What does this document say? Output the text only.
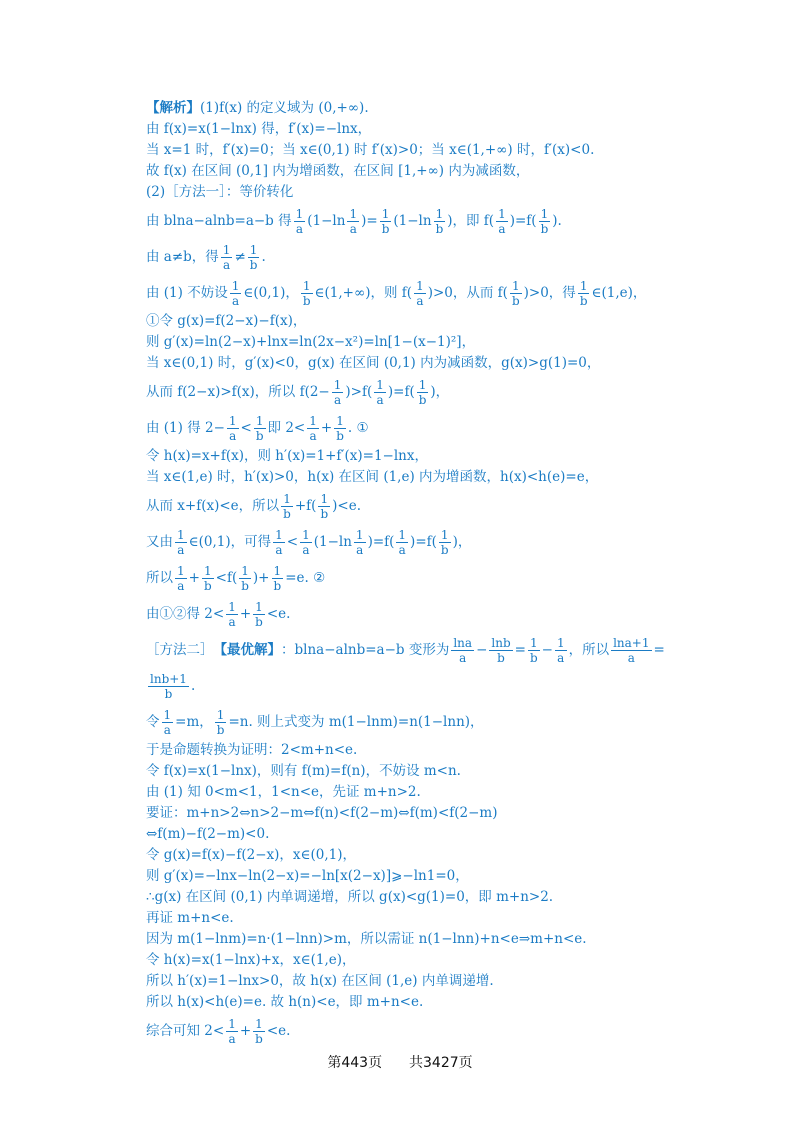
【解析】 (1)f(x) 的定义域为 (0,+∞).
由 f(x)=x(1−lnx) 得，f′(x)=−lnx，
当 x=1 时，f′(x)=0；当 x∈(0,1) 时 f′(x)>0；当 x∈(1,+∞) 时，f′(x)<0.
故 f(x) 在区间 (0,1] 内为增函数，在区间 [1,+∞) 内为减函数，
(2)［方法一］：等价转化
由 blna−alnb=a−b 得 $\frac{1}{a} (1-\ln \frac{1}{a}$ )= $\frac{1}{b} (1-\ln \frac{1}{b}$ )，即 $f( \frac{1}{a} )=f( \frac{1}{b}$ ).
由 a≠b，得 $\frac{1}{a} \ne \frac{1}{b}$ .
由 (1) 不妨设 $\frac{1}{a}$ ∈(0,1)， $\frac{1}{b}$ ∈(1,+∞)，则 $f( \frac{1}{a} )>0$，从而 $f( \frac{1}{b} )>0$，得 $\frac{1}{b}$ ∈(1,e)，
①令 g(x)=f(2−x)−f(x)，
则 g′(x)=ln(2−x)+lnx=ln(2x−x²)=ln[1−(x−1)²]，
当 x∈(0,1) 时，g′(x)<0，g(x) 在区间 (0,1) 内为减函数，g(x)>g(1)=0，
从而 f(2−x)>f(x)，所以 $f(2- \frac{1}{a} )>f( \frac{1}{a} )=f( \frac{1}{b}$ )，
由 (1) 得 $2- \frac{1}{a} < \frac{1}{b}$ 即 $2< \frac{1}{a} + \frac{1}{b}$ . ①
令 h(x)=x+f(x)，则 h′(x)=1+f′(x)=1−lnx，
当 x∈(1,e) 时，h′(x)>0，h(x) 在区间 (1,e) 内为增函数，h(x)<h(e)=e，
从而 x+f(x)<e，所以 $\frac{1}{b} +f( \frac{1}{b} )<e$.
又由 $\frac{1}{a}$ ∈(0,1)，可得 $\frac{1}{a} < \frac{1}{a} (1-\ln \frac{1}{a} )=f( \frac{1}{a} )=f( \frac{1}{b}$ )，
所以 $\frac{1}{a} + \frac{1}{b} <f( \frac{1}{b}$ )+ $\frac{1}{b} =e$. ②
由①②得 $2< \frac{1}{a} + \frac{1}{b} <e$.
［方法二］ 【最优解】 ：blna−alnb=a−b 变形为 $\frac{\ln a}{a} - \frac{\ln b}{b} = \frac{1}{b} - \frac{1}{a}$ ，所以 $\frac{\ln a+1}{a}$ =
$\frac{\ln b+1}{b}$ .
令 $\frac{1}{a} =m$， $\frac{1}{b} =n$. 则上式变为 m(1−lnm)=n(1−lnn)，
于是命题转换为证明：2<m+n<e.
令 f(x)=x(1−lnx)，则有 f(m)=f(n)，不妨设 m<n.
由 (1) 知 0<m<1，1<n<e，先证 m+n>2.
要证：m+n>2⇔n>2−m⇔f(n)<f(2−m)⇔f(m)<f(2−m)
⇔f(m)−f(2−m)<0.
令 g(x)=f(x)−f(2−x)，x∈(0,1)，
则 g′(x)=−lnx−ln(2−x)=−ln[x(2−x)]⩾−ln1=0，
∴g(x) 在区间 (0,1) 内单调递增，所以 g(x)<g(1)=0，即 m+n>2.
再证 m+n<e.
因为 m(1−lnm)=n·(1−lnn)>m，所以需证 n(1−lnn)+n<e⇒m+n<e.
令 h(x)=x(1−lnx)+x，x∈(1,e)，
所以 h′(x)=1−lnx>0，故 h(x) 在区间 (1,e) 内单调递增.
所以 h(x)<h(e)=e. 故 h(n)<e，即 m+n<e.
综合可知 $2< \frac{1}{a} + \frac{1}{b} <e$.
第443页 共3427页
